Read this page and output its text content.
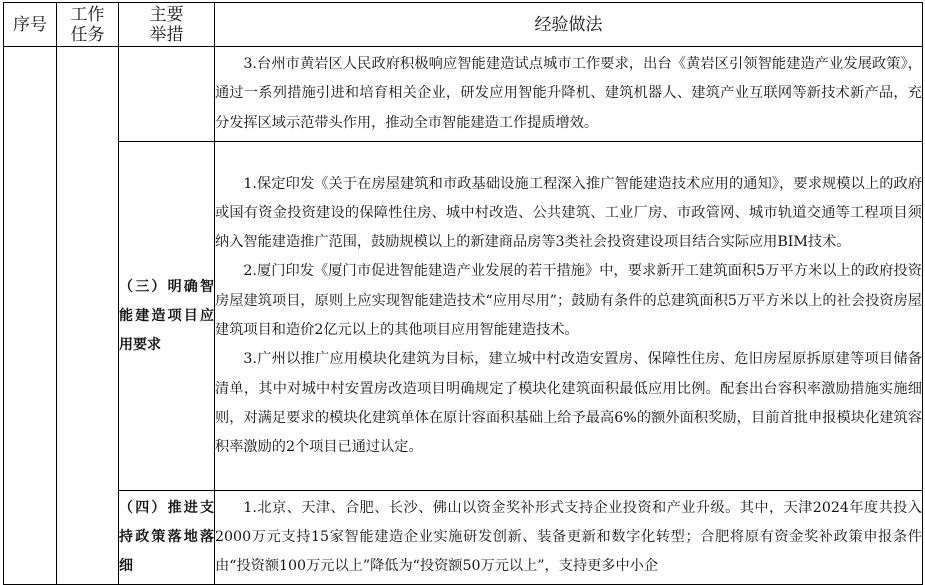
序号	工作任务	主要举措	经验做法

			3.台州市黄岩区人民政府积极响应智能建造试点城市工作要求，出台《黄岩区引领智能建造产业发展政策》，通过一系列措施引进和培育相关企业，研发应用智能升降机、建筑机器人、建筑产业互联网等新技术新产品，充分发挥区域示范带头作用，推动全市智能建造工作提质增效。

		（三）明确智能建造项目应用要求	1.保定印发《关于在房屋建筑和市政基础设施工程深入推广智能建造技术应用的通知》，要求规模以上的政府或国有资金投资建设的保障性住房、城中村改造、公共建筑、工业厂房、市政管网、城市轨道交通等工程项目须纳入智能建造推广范围，鼓励规模以上的新建商品房等3类社会投资建设项目结合实际应用BIM技术。

2.厦门印发《厦门市促进智能建造产业发展的若干措施》中，要求新开工建筑面积5万平方米以上的政府投资房屋建筑项目，原则上应实现智能建造技术“应用尽用”；鼓励有条件的总建筑面积5万平方米以上的社会投资房屋建筑项目和造价2亿元以上的其他项目应用智能建造技术。

3.广州以推广应用模块化建筑为目标，建立城中村改造安置房、保障性住房、危旧房屋原拆原建等项目储备清单，其中对城中村安置房改造项目明确规定了模块化建筑面积最低应用比例。配套出台容积率激励措施实施细则，对满足要求的模块化建筑单体在原计容面积基础上给予最高6%的额外面积奖励，目前首批申报模块化建筑容积率激励的2个项目已通过认定。

		（四）推进支持政策落地落细	1.北京、天津、合肥、长沙、佛山以资金奖补形式支持企业投资和产业升级。其中，天津2024年度共投入2000万元支持15家智能建造企业实施研发创新、装备更新和数字化转型；合肥将原有资金奖补政策申报条件由“投资额100万元以上”降低为“投资额50万元以上”，支持更多中小企
